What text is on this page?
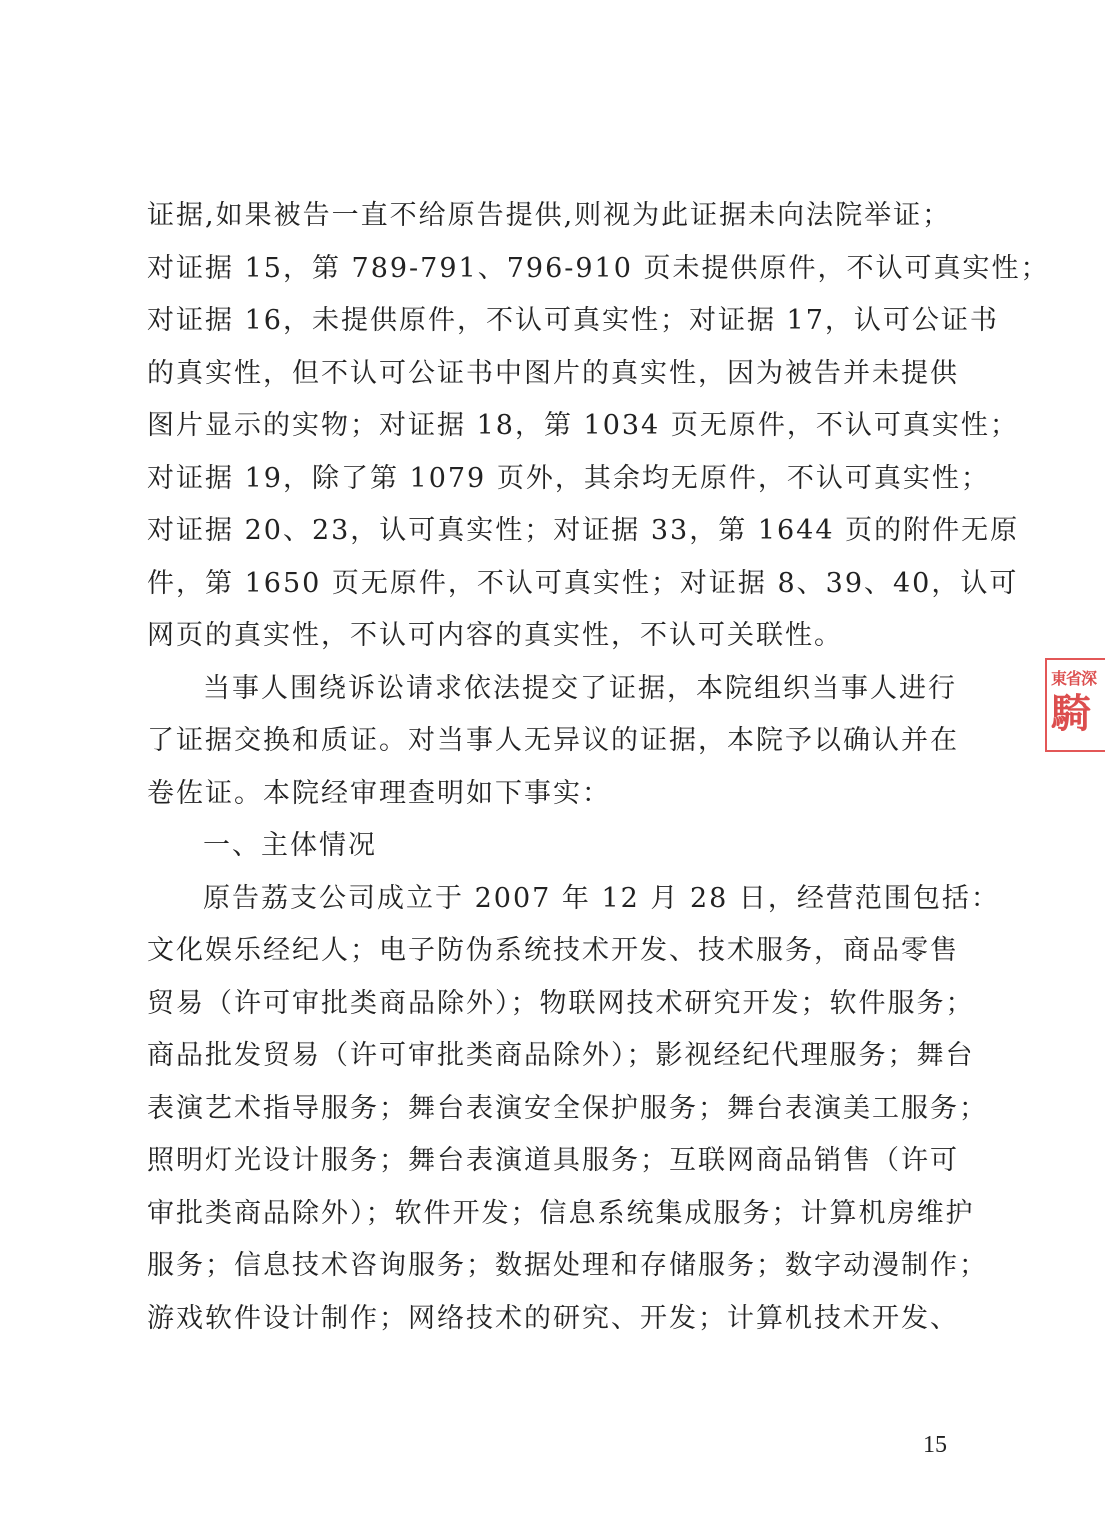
证据,如果被告一直不给原告提供,则视为此证据未向法院举证；
对证据 15，第 789-791、796-910 页未提供原件，不认可真实性；
对证据 16，未提供原件，不认可真实性；对证据 17，认可公证书
的真实性，但不认可公证书中图片的真实性，因为被告并未提供
图片显示的实物；对证据 18，第 1034 页无原件，不认可真实性；
对证据 19，除了第 1079 页外，其余均无原件，不认可真实性；
对证据 20、23，认可真实性；对证据 33，第 1644 页的附件无原
件，第 1650 页无原件，不认可真实性；对证据 8、39、40，认可
网页的真实性，不认可内容的真实性，不认可关联性。
当事人围绕诉讼请求依法提交了证据，本院组织当事人进行
了证据交换和质证。对当事人无异议的证据，本院予以确认并在
卷佐证。本院经审理查明如下事实：
一、主体情况
原告荔支公司成立于 2007 年 12 月 28 日，经营范围包括：
文化娱乐经纪人；电子防伪系统技术开发、技术服务，商品零售
贸易（许可审批类商品除外）；物联网技术研究开发；软件服务；
商品批发贸易（许可审批类商品除外）；影视经纪代理服务；舞台
表演艺术指导服务；舞台表演安全保护服务；舞台表演美工服务；
照明灯光设计服务；舞台表演道具服务；互联网商品销售（许可
审批类商品除外）；软件开发；信息系统集成服务；计算机房维护
服务；信息技术咨询服务；数据处理和存储服务；数字动漫制作；
游戏软件设计制作；网络技术的研究、开发；计算机技术开发、
東省深
騎
15
